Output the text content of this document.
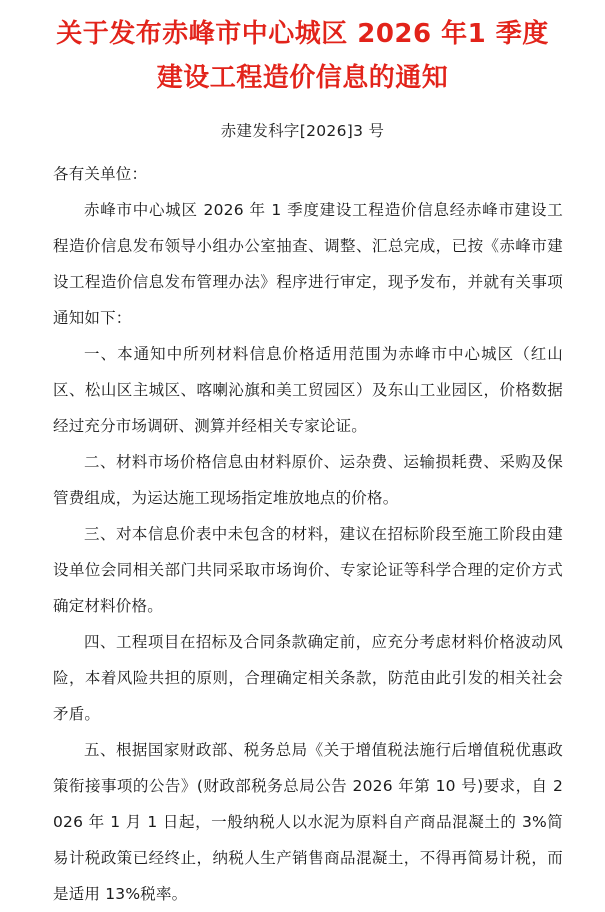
关于发布赤峰市中心城区 2026 年1 季度
建设工程造价信息的通知
赤建发科字[2026]3 号

各有关单位：

赤峰市中心城区 2026 年 1 季度建设工程造价信息经赤峰市建设工程造价信息发布领导小组办公室抽查、调整、汇总完成，已按《赤峰市建设工程造价信息发布管理办法》程序进行审定，现予发布，并就有关事项通知如下：

一、本通知中所列材料信息价格适用范围为赤峰市中心城区（红山区、松山区主城区、喀喇沁旗和美工贸园区）及东山工业园区，价格数据经过充分市场调研、测算并经相关专家论证。

二、材料市场价格信息由材料原价、运杂费、运输损耗费、采购及保管费组成，为运达施工现场指定堆放地点的价格。

三、对本信息价表中未包含的材料，建议在招标阶段至施工阶段由建设单位会同相关部门共同采取市场询价、专家论证等科学合理的定价方式确定材料价格。

四、工程项目在招标及合同条款确定前，应充分考虑材料价格波动风险，本着风险共担的原则，合理确定相关条款，防范由此引发的相关社会矛盾。

五、根据国家财政部、税务总局《关于增值税法施行后增值税优惠政策衔接事项的公告》(财政部税务总局公告 2026 年第 10 号)要求，自 2026 年 1 月 1 日起，一般纳税人以水泥为原料自产商品混凝土的 3%简易计税政策已经终止，纳税人生产销售商品混凝土，不得再简易计税，而是适用 13%税率。
